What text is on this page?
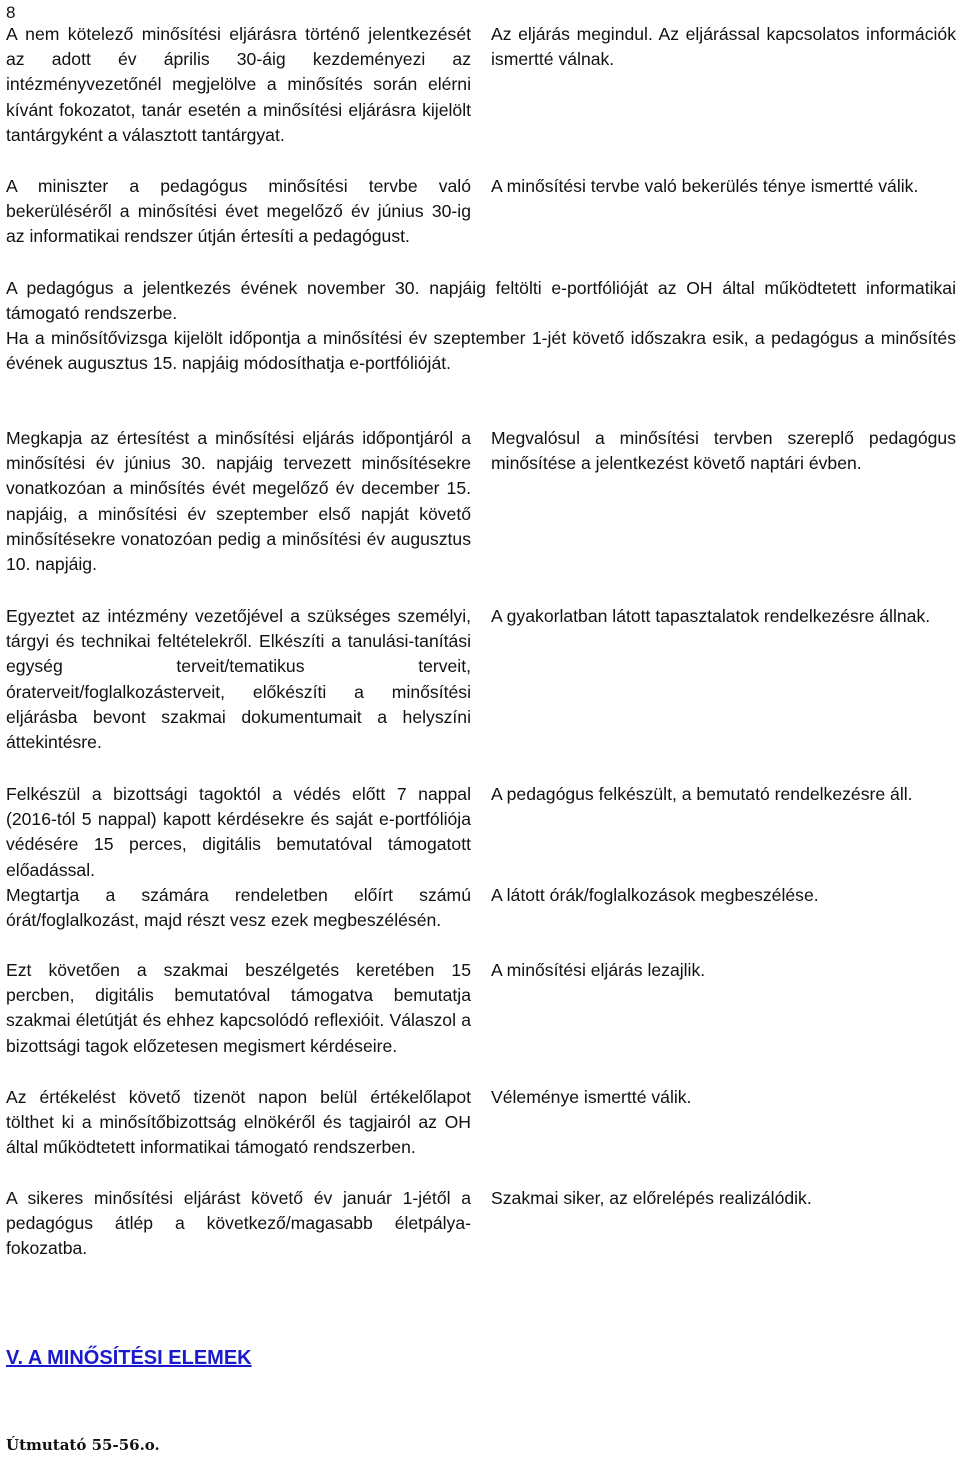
8

A nem kötelező minősítési eljárásra történő jelentkezését az adott év április 30-áig kezdeményezi az intézményvezetőnél megjelölve a minősítés során elérni kívánt fokozatot, tanár esetén a minősítési eljárásra kijelölt tantárgyként a választott tantárgyat.

Az eljárás megindul. Az eljárással kapcsolatos információk ismertté válnak.

A miniszter a pedagógus minősítési tervbe való bekerüléséről a minősítési évet megelőző év június 30-ig az informatikai rendszer útján értesíti a pedagógust.

A minősítési tervbe való bekerülés ténye ismertté válik.

A pedagógus a jelentkezés évének november 30. napjáig feltölti e-portfólióját az OH által működtetett informatikai támogató rendszerbe.

Ha a minősítővizsga kijelölt időpontja a minősítési év szeptember 1-jét követő időszakra esik, a pedagógus a minősítés évének augusztus 15. napjáig módosíthatja e-portfólióját.

Megkapja az értesítést a minősítési eljárás időpontjáról a minősítési év június 30. napjáig tervezett minősítésekre vonatkozóan a minősítés évét megelőző év december 15. napjáig, a minősítési év szeptember első napját követő minősítésekre vonatozóan pedig a minősítési év augusztus 10. napjáig.

Megvalósul a minősítési tervben szereplő pedagógus minősítése a jelentkezést követő naptári évben.

Egyeztet az intézmény vezetőjével a szükséges személyi, tárgyi és technikai feltételekről. Elkészíti a tanulási-tanítási egység terveit/tematikus terveit, óraterveit/foglalkozásterveit, előkészíti a minősítési eljárásba bevont szakmai dokumentumait a helyszíni áttekintésre.

A gyakorlatban látott tapasztalatok rendelkezésre állnak.

Felkészül a bizottsági tagoktól a védés előtt 7 nappal (2016-tól 5 nappal) kapott kérdésekre és saját e-portfóliója védésére 15 perces, digitális bemutatóval támogatott előadással.

A pedagógus felkészült, a bemutató rendelkezésre áll.

Megtartja a számára rendeletben előírt számú órát/foglalkozást, majd részt vesz ezek megbeszélésén.

A látott órák/foglalkozások megbeszélése.

Ezt követően a szakmai beszélgetés keretében 15 percben, digitális bemutatóval támogatva bemutatja szakmai életútját és ehhez kapcsolódó reflexióit. Válaszol a bizottsági tagok előzetesen megismert kérdéseire.

A minősítési eljárás lezajlik.

Az értékelést követő tizenöt napon belül értékelőlapot tölthet ki a minősítőbizottság elnökéről és tagjairól az OH által működtetett informatikai támogató rendszerben.

Véleménye ismertté válik.

A sikeres minősítési eljárást követő év január 1-jétől a pedagógus átlép a következő/magasabb életpálya-fokozatba.

Szakmai siker, az előrelépés realizálódik.

V. A MINŐSÍTÉSI ELEMEK

Útmutató 55-56.o.
